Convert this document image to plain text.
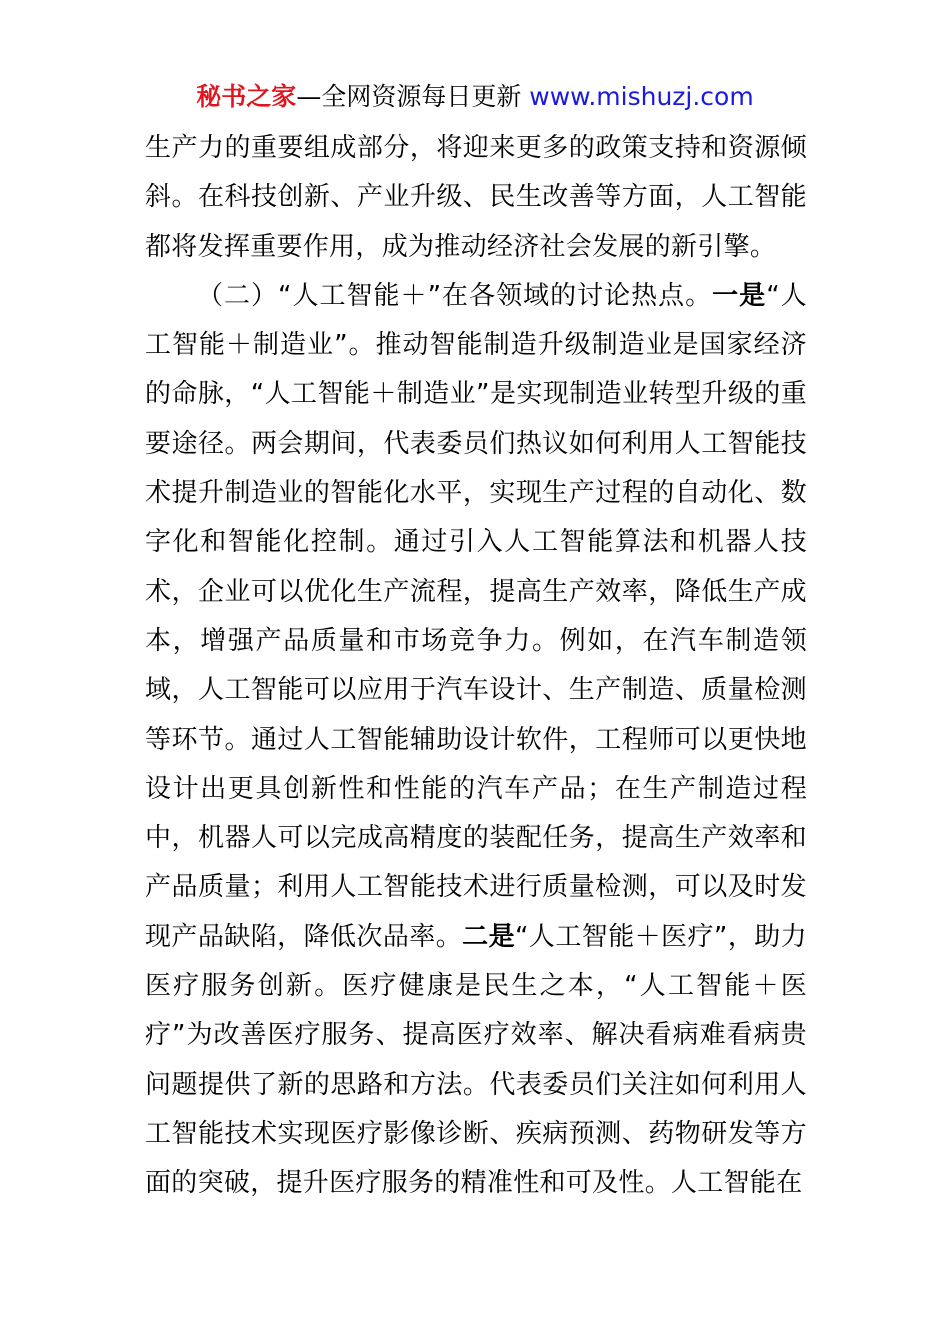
秘书之家—全网资源每日更新 www.mishuzj.com

生产力的重要组成部分，将迎来更多的政策支持和资源倾

斜。在科技创新、产业升级、民生改善等方面，人工智能

都将发挥重要作用，成为推动经济社会发展的新引擎。

（二）“人工智能＋”在各领域的讨论热点。一是“人工智能＋制造业”。推动智能制造升级制造业是国家经济的命脉，“人工智能＋制造业”是实现制造业转型升级的重要途径。两会期间，代表委员们热议如何利用人工智能技术提升制造业的智能化水平，实现生产过程的自动化、数字化和智能化控制。通过引入人工智能算法和机器人技术，企业可以优化生产流程，提高生产效率，降低生产成本，增强产品质量和市场竞争力。例如，在汽车制造领域，人工智能可以应用于汽车设计、生产制造、质量检测等环节。通过人工智能辅助设计软件，工程师可以更快地设计出更具创新性和性能的汽车产品；在生产制造过程中，机器人可以完成高精度的装配任务，提高生产效率和产品质量；利用人工智能技术进行质量检测，可以及时发现产品缺陷，降低次品率。二是“人工智能＋医疗”，助力医疗服务创新。医疗健康是民生之本，“人工智能＋医疗”为改善医疗服务、提高医疗效率、解决看病难看病贵问题提供了新的思路和方法。代表委员们关注如何利用人工智能技术实现医疗影像诊断、疾病预测、药物研发等方面的突破，提升医疗服务的精准性和可及性。人工智能在
